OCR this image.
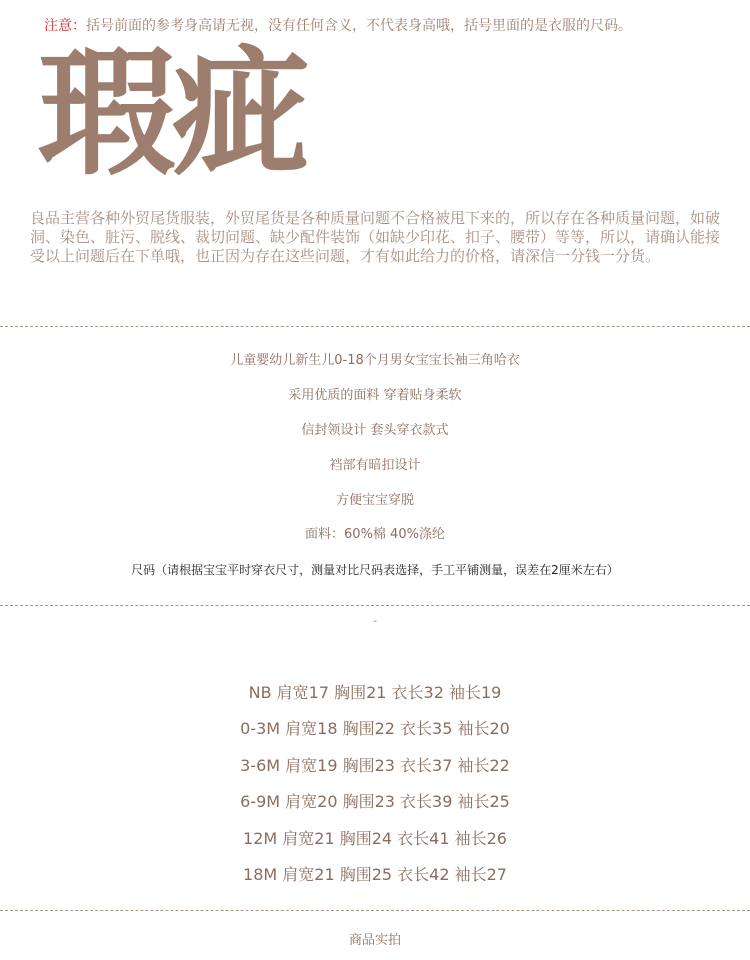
注意：括号前面的参考身高请无视，没有任何含义，不代表身高哦，括号里面的是衣服的尺码。
瑕疵
良品主营各种外贸尾货服装，外贸尾货是各种质量问题不合格被甩下来的，所以存在各种质量问题，如破洞、染色、脏污、脱线、裁切问题、缺少配件装饰（如缺少印花、扣子、腰带）等等，所以，请确认能接受以上问题后在下单哦，也正因为存在这些问题，才有如此给力的价格，请深信一分钱一分货。
儿童婴幼儿新生儿0-18个月男女宝宝长袖三角哈衣
采用优质的面料 穿着贴身柔软
信封领设计 套头穿衣款式
裆部有暗扣设计
方便宝宝穿脱
面料：60%棉 40%涤纶
尺码（请根据宝宝平时穿衣尺寸，测量对比尺码表选择，手工平铺测量，误差在2厘米左右）
-
NB 肩宽17 胸围21 衣长32 袖长19
0-3M 肩宽18 胸围22 衣长35 袖长20
3-6M 肩宽19 胸围23 衣长37 袖长22
6-9M 肩宽20 胸围23 衣长39 袖长25
12M 肩宽21 胸围24 衣长41 袖长26
18M 肩宽21 胸围25 衣长42 袖长27
商品实拍
